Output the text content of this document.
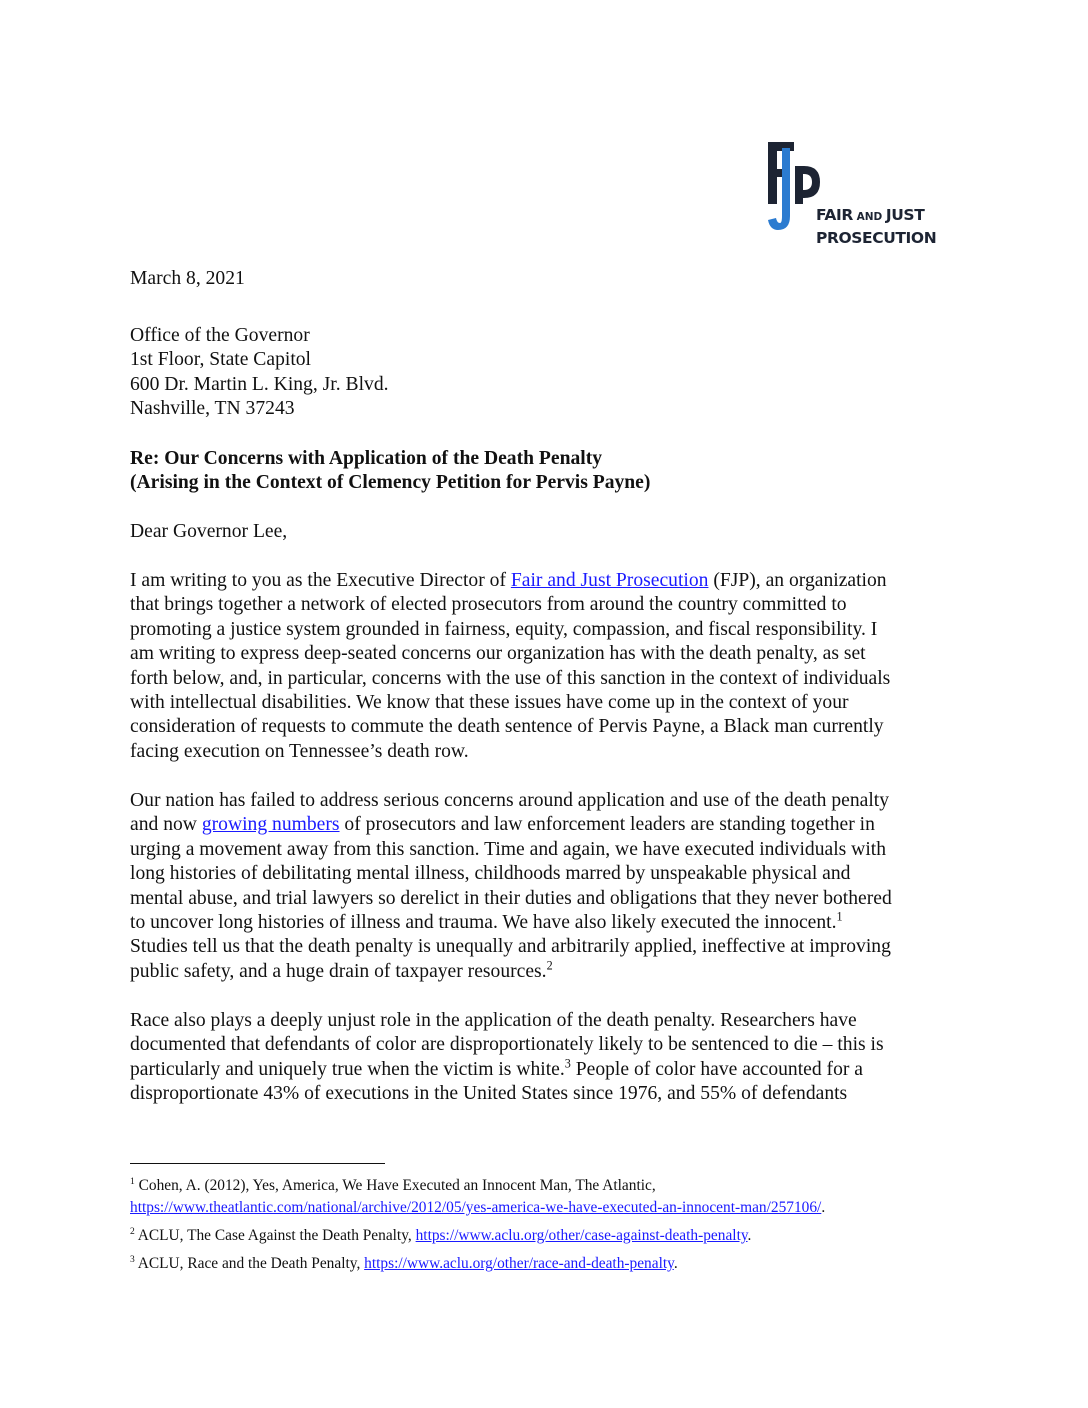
FAIR AND JUST
PROSECUTION
March 8, 2021
Office of the Governor
1st Floor, State Capitol
600 Dr. Martin L. King, Jr. Blvd.
Nashville, TN 37243
Re: Our Concerns with Application of the Death Penalty
(Arising in the Context of Clemency Petition for Pervis Payne)
Dear Governor Lee,
I am writing to you as the Executive Director of Fair and Just Prosecution (FJP), an organization
that brings together a network of elected prosecutors from around the country committed to
promoting a justice system grounded in fairness, equity, compassion, and fiscal responsibility. I
am writing to express deep-seated concerns our organization has with the death penalty, as set
forth below, and, in particular, concerns with the use of this sanction in the context of individuals
with intellectual disabilities. We know that these issues have come up in the context of your
consideration of requests to commute the death sentence of Pervis Payne, a Black man currently
facing execution on Tennessee’s death row.
Our nation has failed to address serious concerns around application and use of the death penalty
and now growing numbers of prosecutors and law enforcement leaders are standing together in
urging a movement away from this sanction. Time and again, we have executed individuals with
long histories of debilitating mental illness, childhoods marred by unspeakable physical and
mental abuse, and trial lawyers so derelict in their duties and obligations that they never bothered
to uncover long histories of illness and trauma. We have also likely executed the innocent.$^1$
Studies tell us that the death penalty is unequally and arbitrarily applied, ineffective at improving
public safety, and a huge drain of taxpayer resources.$^2$
Race also plays a deeply unjust role in the application of the death penalty. Researchers have
documented that defendants of color are disproportionately likely to be sentenced to die – this is
particularly and uniquely true when the victim is white.$^3$ People of color have accounted for a
disproportionate 43% of executions in the United States since 1976, and 55% of defendants
$^1$ Cohen, A. (2012), Yes, America, We Have Executed an Innocent Man, The Atlantic,
https://www.theatlantic.com/national/archive/2012/05/yes-america-we-have-executed-an-innocent-man/257106/.
$^2$ ACLU, The Case Against the Death Penalty, https://www.aclu.org/other/case-against-death-penalty.
$^3$ ACLU, Race and the Death Penalty, https://www.aclu.org/other/race-and-death-penalty.
